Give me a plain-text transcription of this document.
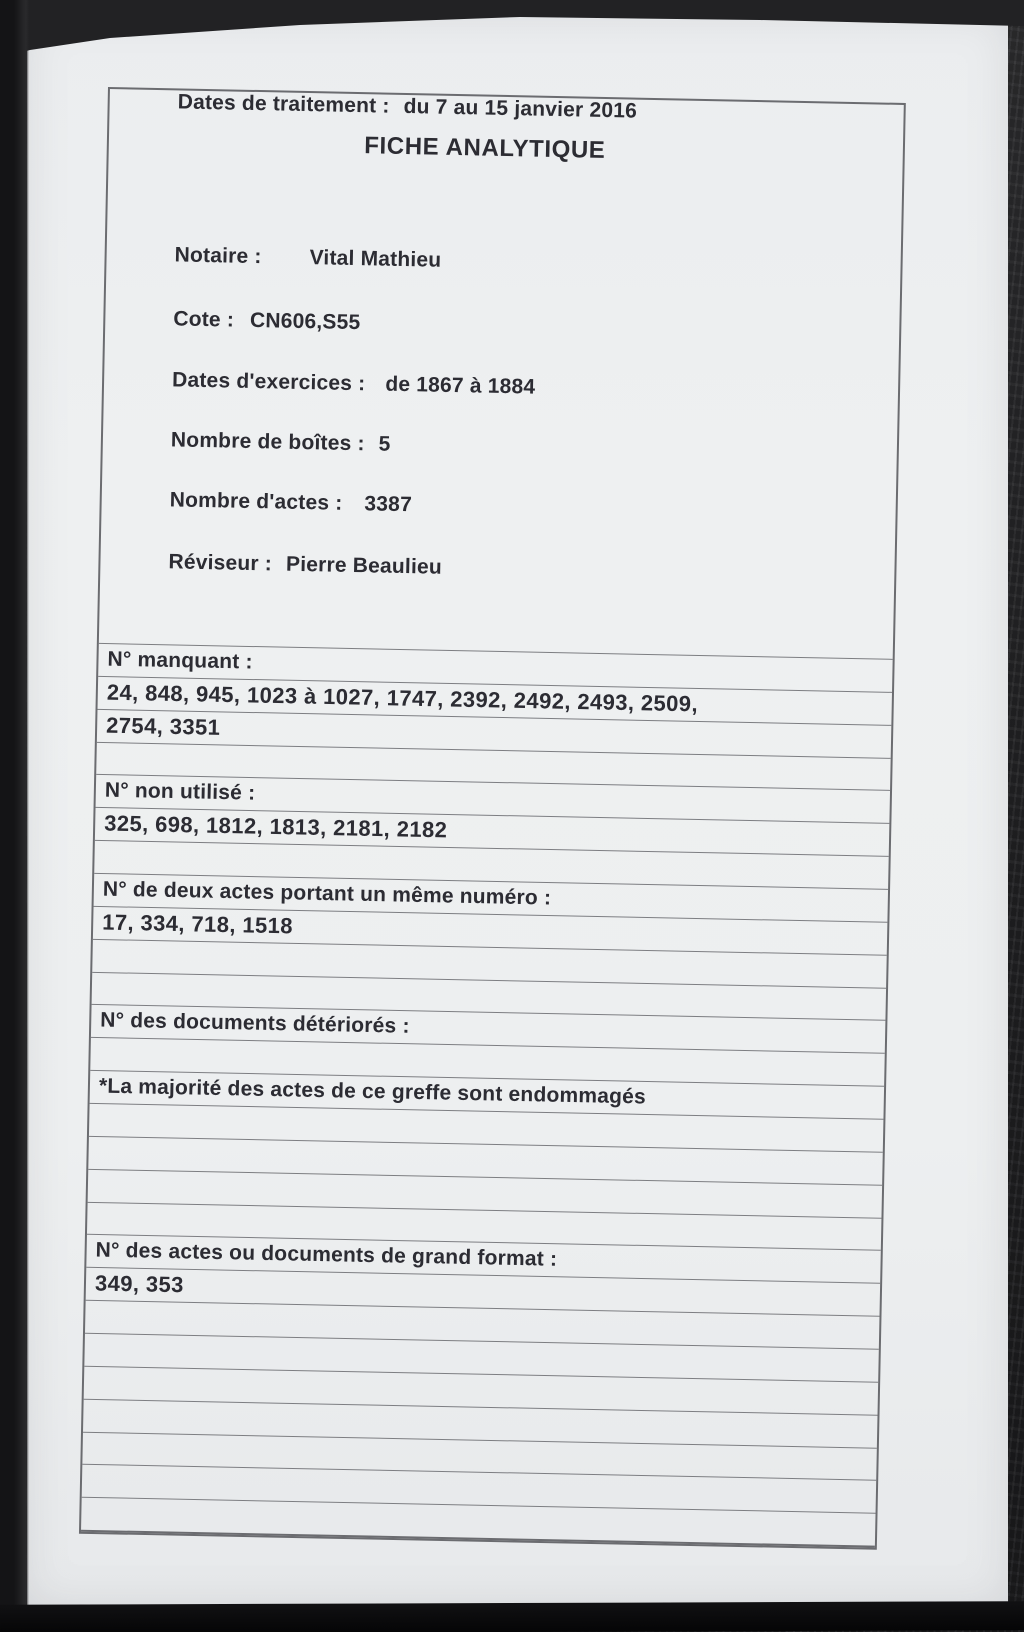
FICHE ANALYTIQUE
Notaire : Vital Mathieu
Cote : CN606,S55
Dates d'exercices : de 1867 à 1884
Nombre de boîtes : 5
Nombre d'actes : 3387
Réviseur : Pierre Beaulieu
Dates de traitement : du 7 au 15 janvier 2016
N° manquant :
24, 848, 945, 1023 à 1027, 1747, 2392, 2492, 2493, 2509,
2754, 3351
N° non utilisé :
325, 698, 1812, 1813, 2181, 2182
N° de deux actes portant un même numéro :
17, 334, 718, 1518
N° des documents détériorés :
*La majorité des actes de ce greffe sont endommagés
N° des actes ou documents de grand format :
349, 353
